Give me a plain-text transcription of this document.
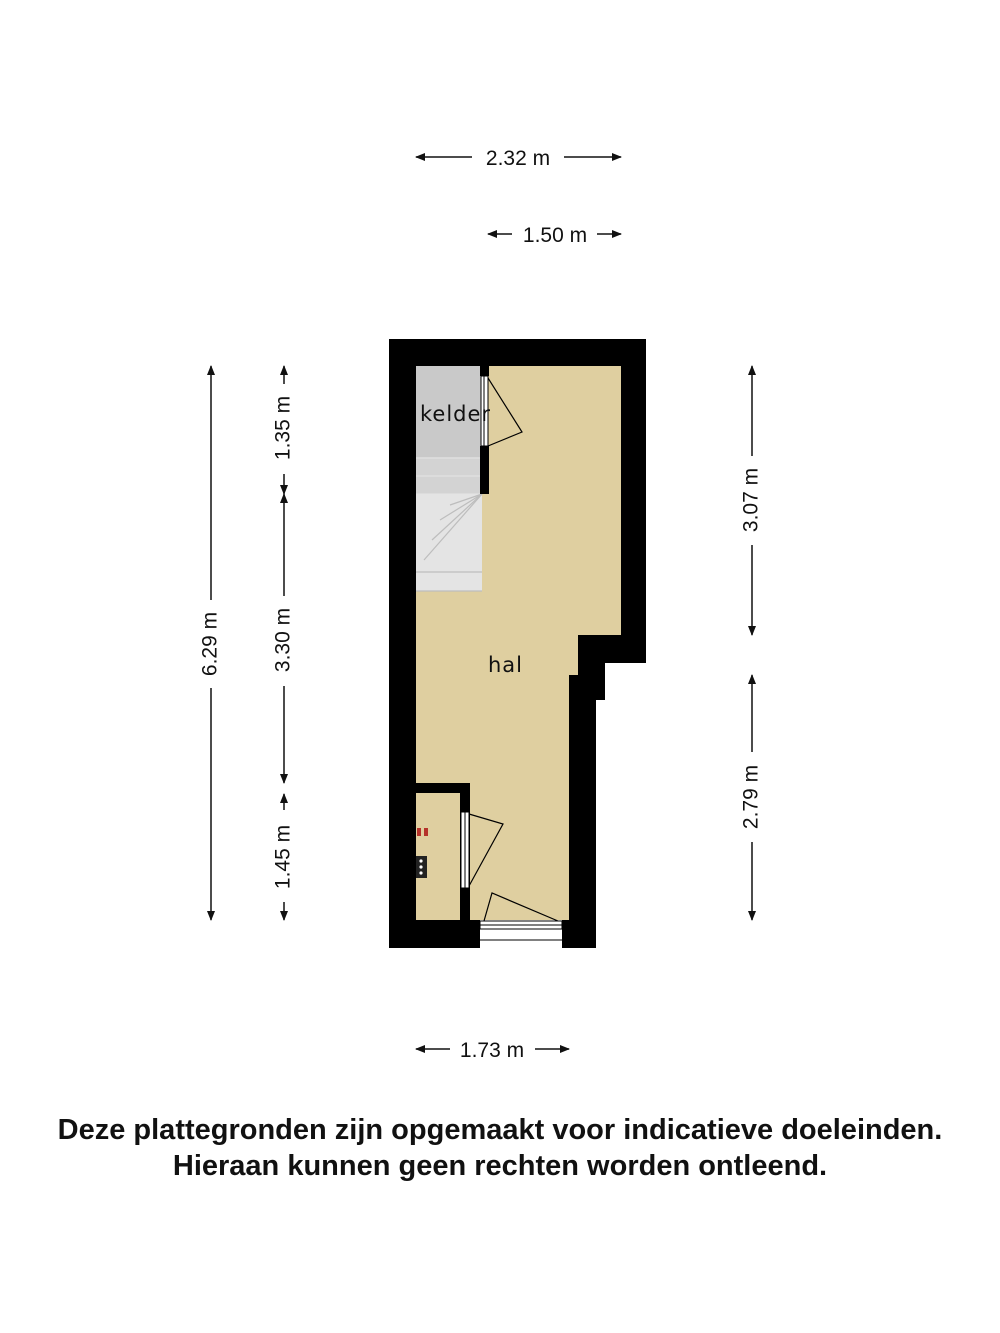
kelder
hal
2.32 m
1.50 m
1.73 m
6.29 m
1.35 m
3.30 m
1.45 m
3.07 m
2.79 m

Deze plattegronden zijn opgemaakt voor indicatieve doeleinden.

Hieraan kunnen geen rechten worden ontleend.
